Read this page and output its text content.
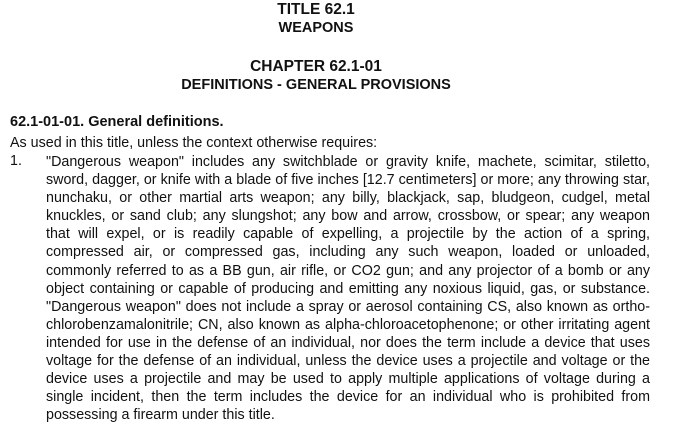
TITLE 62.1
WEAPONS
CHAPTER 62.1-01
DEFINITIONS - GENERAL PROVISIONS
62.1-01-01. General definitions.
As used in this title, unless the context otherwise requires:
1. "Dangerous weapon" includes any switchblade or gravity knife, machete, scimitar, stiletto, sword, dagger, or knife with a blade of five inches [12.7 centimeters] or more; any throwing star, nunchaku, or other martial arts weapon; any billy, blackjack, sap, bludgeon, cudgel, metal knuckles, or sand club; any slungshot; any bow and arrow, crossbow, or spear; any weapon that will expel, or is readily capable of expelling, a projectile by the action of a spring, compressed air, or compressed gas, including any such weapon, loaded or unloaded, commonly referred to as a BB gun, air rifle, or CO2 gun; and any projector of a bomb or any object containing or capable of producing and emitting any noxious liquid, gas, or substance. "Dangerous weapon" does not include a spray or aerosol containing CS, also known as ortho-chlorobenzamalonitrile; CN, also known as alpha-chloroacetophenone; or other irritating agent intended for use in the defense of an individual, nor does the term include a device that uses voltage for the defense of an individual, unless the device uses a projectile and voltage or the device uses a projectile and may be used to apply multiple applications of voltage during a single incident, then the term includes the device for an individual who is prohibited from possessing a firearm under this title.
